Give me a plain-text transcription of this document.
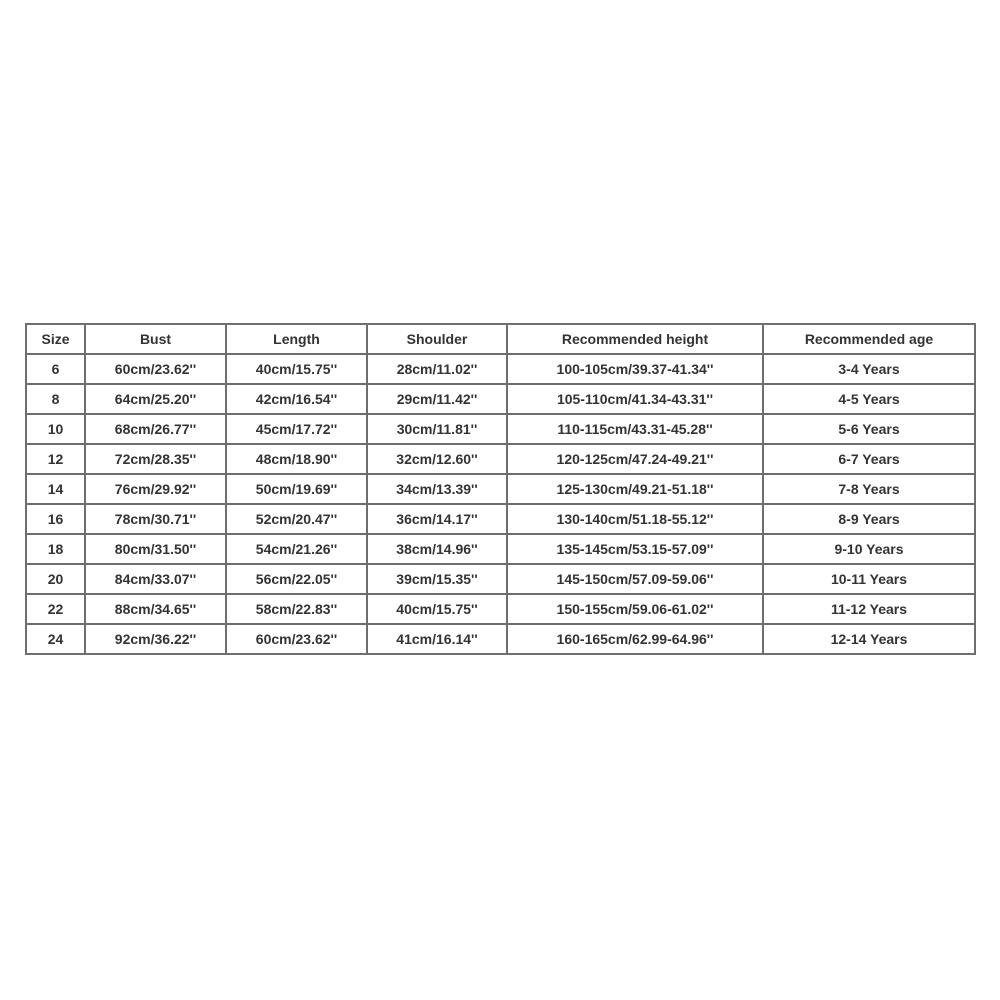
Size	Bust	Length	Shoulder	Recommended height	Recommended age
6	60cm/23.62''	40cm/15.75''	28cm/11.02''	100-105cm/39.37-41.34''	3-4 Years
8	64cm/25.20''	42cm/16.54''	29cm/11.42''	105-110cm/41.34-43.31''	4-5 Years
10	68cm/26.77''	45cm/17.72''	30cm/11.81''	110-115cm/43.31-45.28''	5-6 Years
12	72cm/28.35''	48cm/18.90''	32cm/12.60''	120-125cm/47.24-49.21''	6-7 Years
14	76cm/29.92''	50cm/19.69''	34cm/13.39''	125-130cm/49.21-51.18''	7-8 Years
16	78cm/30.71''	52cm/20.47''	36cm/14.17''	130-140cm/51.18-55.12''	8-9 Years
18	80cm/31.50''	54cm/21.26''	38cm/14.96''	135-145cm/53.15-57.09''	9-10 Years
20	84cm/33.07''	56cm/22.05''	39cm/15.35''	145-150cm/57.09-59.06''	10-11 Years
22	88cm/34.65''	58cm/22.83''	40cm/15.75''	150-155cm/59.06-61.02''	11-12 Years
24	92cm/36.22''	60cm/23.62''	41cm/16.14''	160-165cm/62.99-64.96''	12-14 Years
